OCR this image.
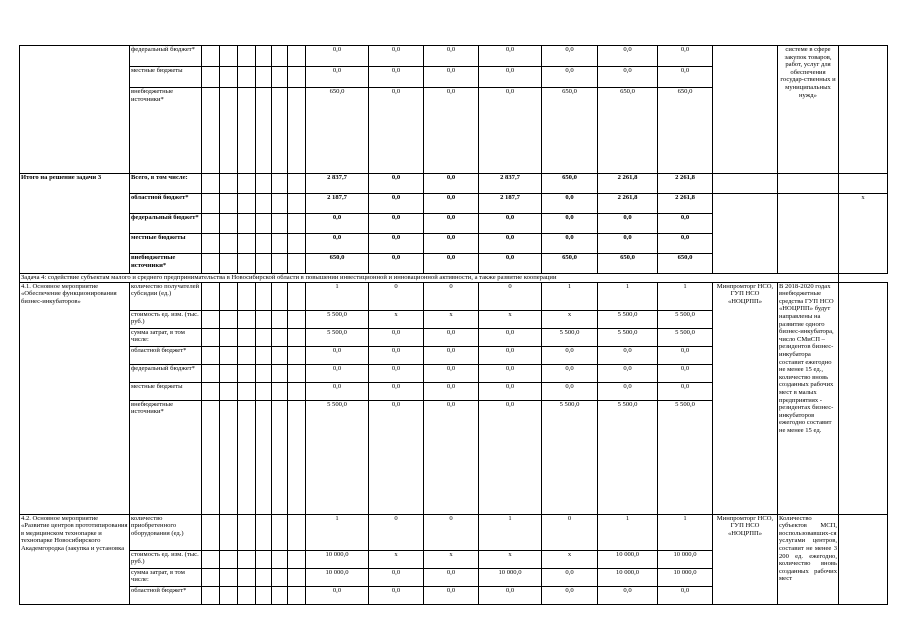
	федеральный бюджет*							0,0	0,0	0,0	0,0	0,0	0,0	0,0		системе в сфере закупок товаров, работ, услуг для обеспечения государ-ственных и муниципальных нужд»	
	местные бюджеты							0,0	0,0	0,0	0,0	0,0	0,0	0,0			
	внебюджетные источники*							650,0	0,0	0,0	0,0	650,0	650,0	650,0			
Итого на решение задачи 3	Всего, в том числе:							2 837,7	0,0	0,0	2 837,7	650,0	2 261,8	2 261,8			
	областной бюджет*							2 187,7	0,0	0,0	2 187,7	0,0	2 261,8	2 261,8			х
	федеральный бюджет*							0,0	0,0	0,0	0,0	0,0	0,0	0,0			
	местные бюджеты							0,0	0,0	0,0	0,0	0,0	0,0	0,0			
	внебюджетные источники*							650,0	0,0	0,0	0,0	650,0	650,0	650,0			
Задача 4: содействие субъектам малого и среднего предпринимательства в Новосибирской области в повышении инвестиционной и инновационной активности, а также развитие кооперации																	
4.1. Основное мероприятие «Обеспечение функционирования бизнес-инкубаторов»	количество получателей субсидии (ед.)							1	0	0	0	1	1	1	Минпромторг НСО, ГУП НСО «НОЦРПП»	В 2018-2020 годах внебюджетные средства ГУП НСО «НОЦРПП» будут направлены на развитие одного бизнес-инкубатора, число СМиСП – резидентов бизнес-инкубатора составит ежегодно не менее 15 ед., количество вновь созданных рабочих мест в малых предприятиях - резидентах бизнес-инкубаторов ежегодно составит не менее 15 ед.	
	стоимость ед. изм. (тыс. руб.)							5 500,0	х	х	х	х	5 500,0	5 500,0			
	сумма затрат, в том числе:							5 500,0	0,0	0,0	0,0	5 500,0	5 500,0	5 500,0			
	областной бюджет*							0,0	0,0	0,0	0,0	0,0	0,0	0,0			
	федеральный бюджет*							0,0	0,0	0,0	0,0	0,0	0,0	0,0			
	местные бюджеты							0,0	0,0	0,0	0,0	0,0	0,0	0,0			
	внебюджетные источники*							5 500,0	0,0	0,0	0,0	5 500,0	5 500,0	5 500,0			
4.2. Основное мероприятие «Развитие центров прототипирования в медицинском технопарке и технопарке Новосибирского Академгородка (закупка и установка	количество приобретенного оборудования (ед.)							1	0	0	1	0	1	1	Минпромторг НСО, ГУП НСО «НОЦРПП»	Количество субъектов МСП, воспользовавших-ся услугами центров, составит не менее 3 200 ед. ежегодно, количество вновь созданных рабочих мест	
	стоимость ед. изм. (тыс. руб.)							10 000,0	х	х	х	х	10 000,0	10 000,0			
	сумма затрат, в том числе:							10 000,0	0,0	0,0	10 000,0	0,0	10 000,0	10 000,0			
	областной бюджет*							0,0	0,0	0,0	0,0	0,0	0,0	0,0			
